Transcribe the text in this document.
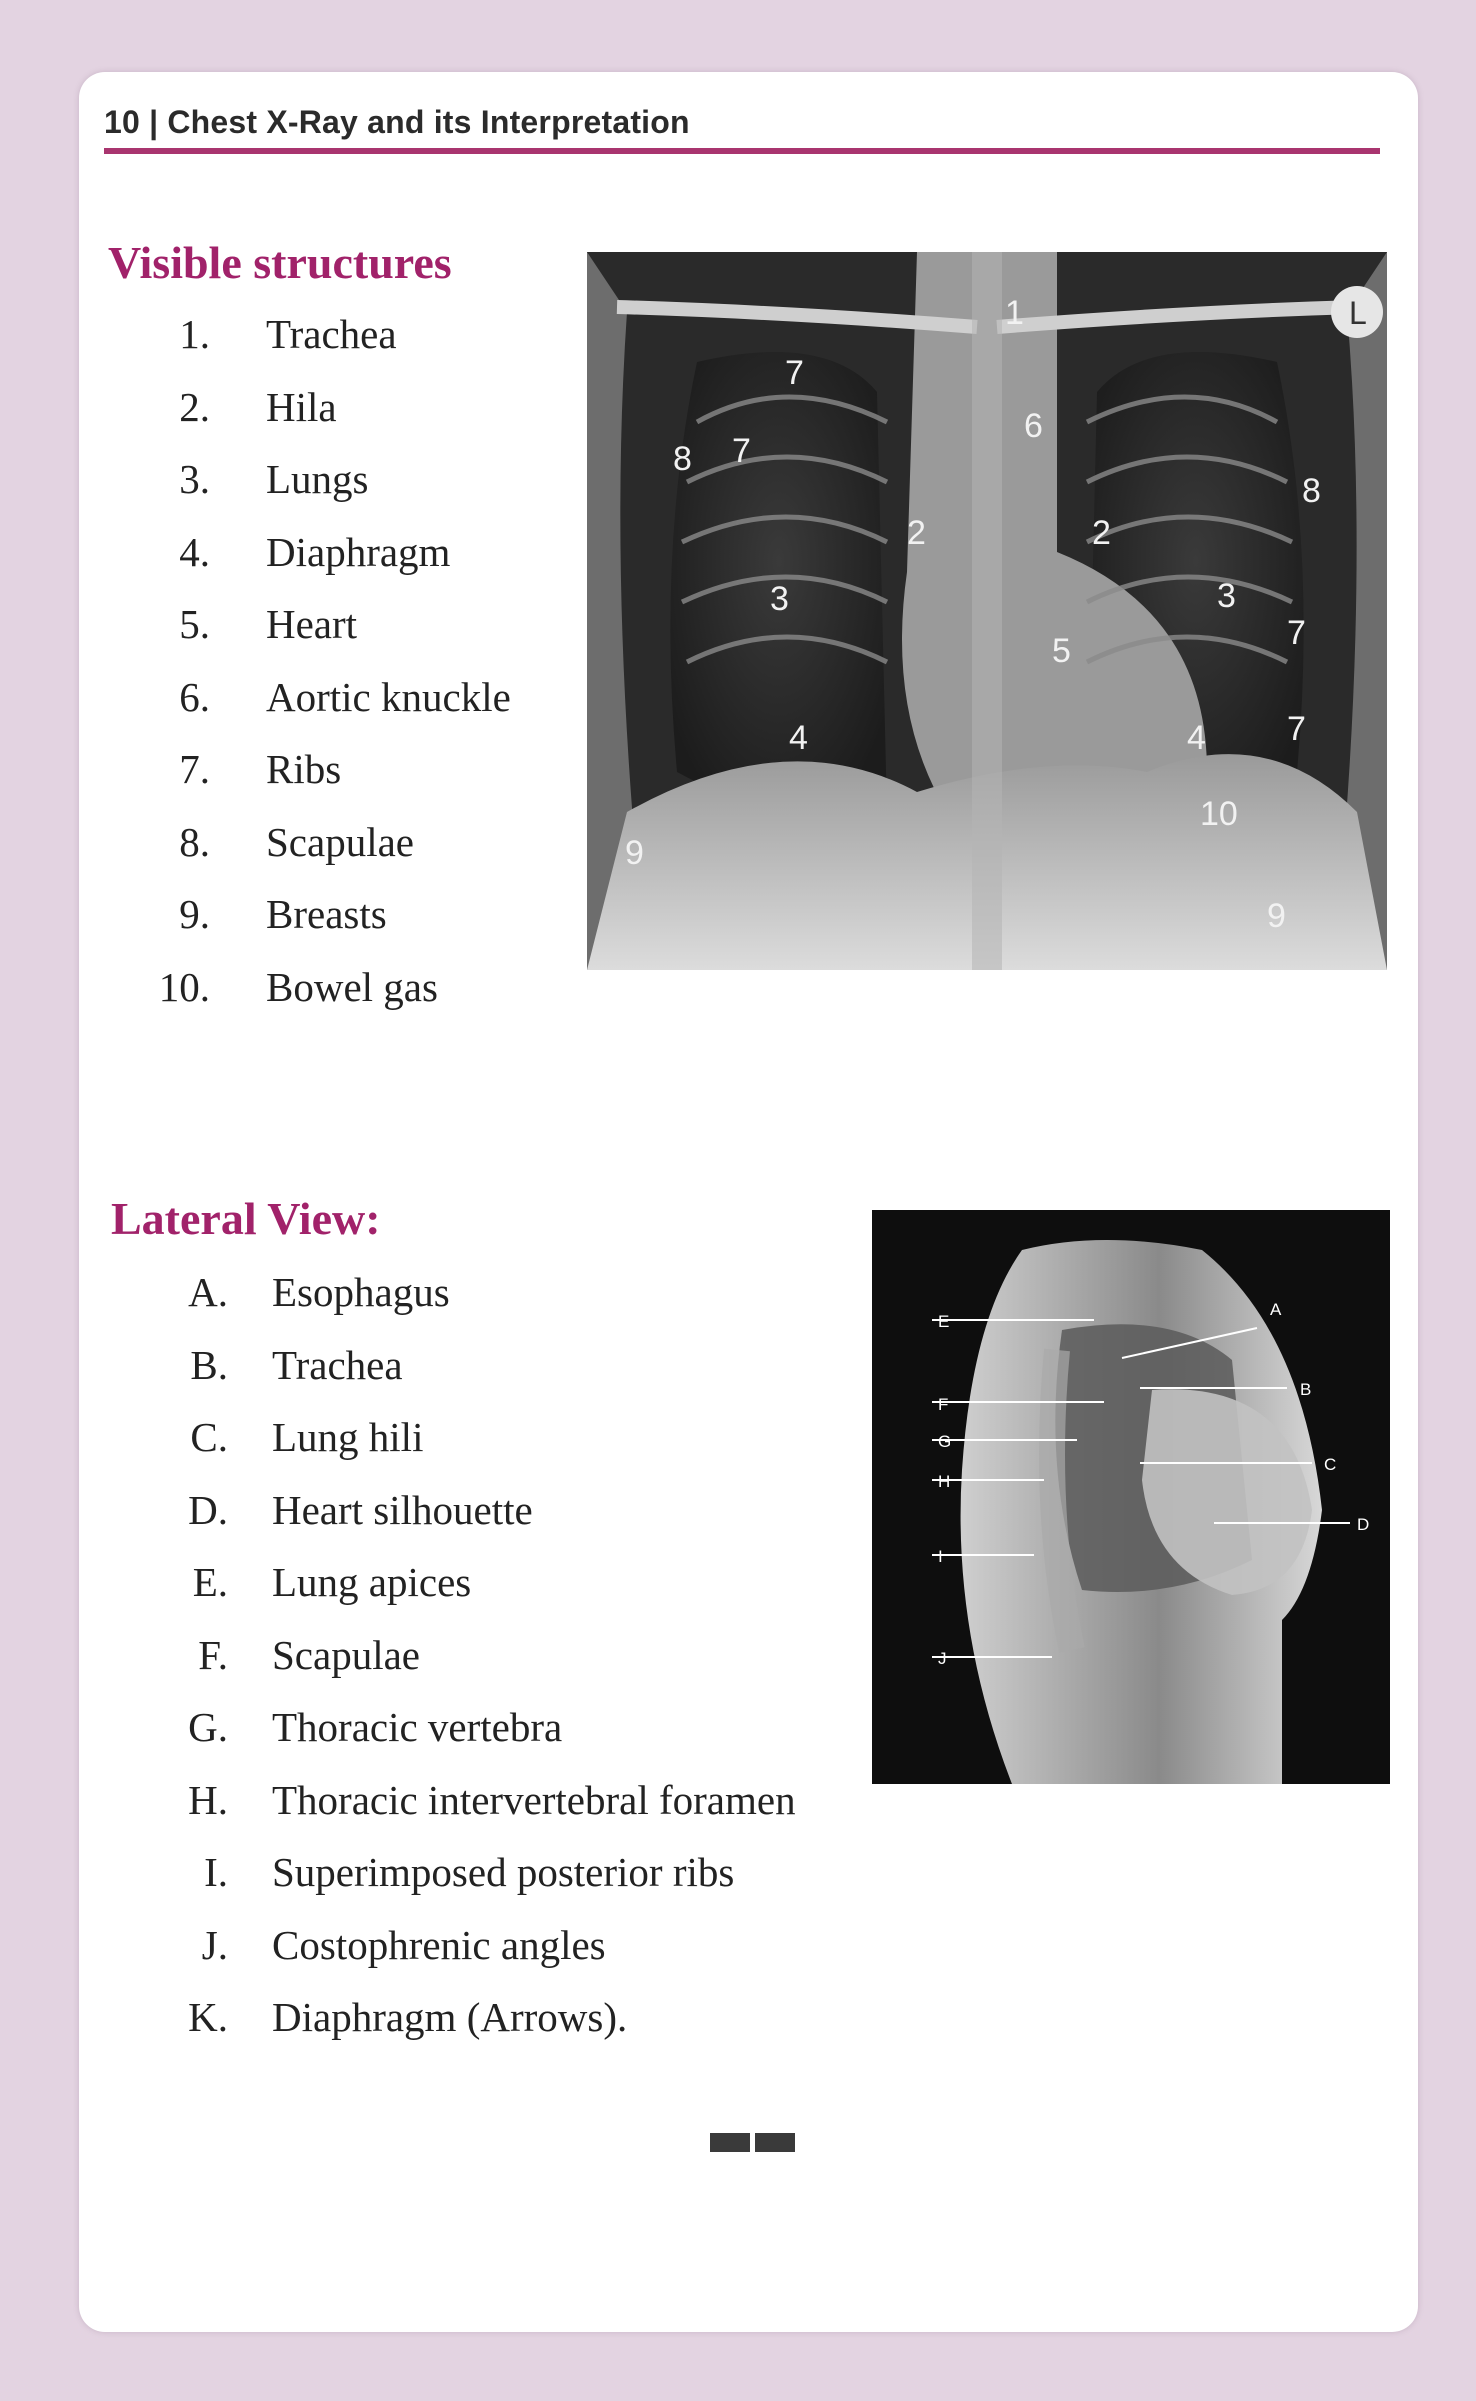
10 | Chest X-Ray and its Interpretation
Visible structures
1. Trachea
2. Hila
3. Lungs
4. Diaphragm
5. Heart
6. Aortic knuckle
7. Ribs
8. Scapulae
9. Breasts
10. Bowel gas
L
1
2	2
3	3
4	4
5
6
7
7
7
7
8
8
9
9
10
Lateral View:
A. Esophagus
B. Trachea
C. Lung hili
D. Heart silhouette
E. Lung apices
F. Scapulae
G. Thoracic vertebra
H. Thoracic intervertebral foramen
I. Superimposed posterior ribs
J. Costophrenic angles
K. Diaphragm (Arrows).
A
B
C
D
E
F
G
H
I
J
